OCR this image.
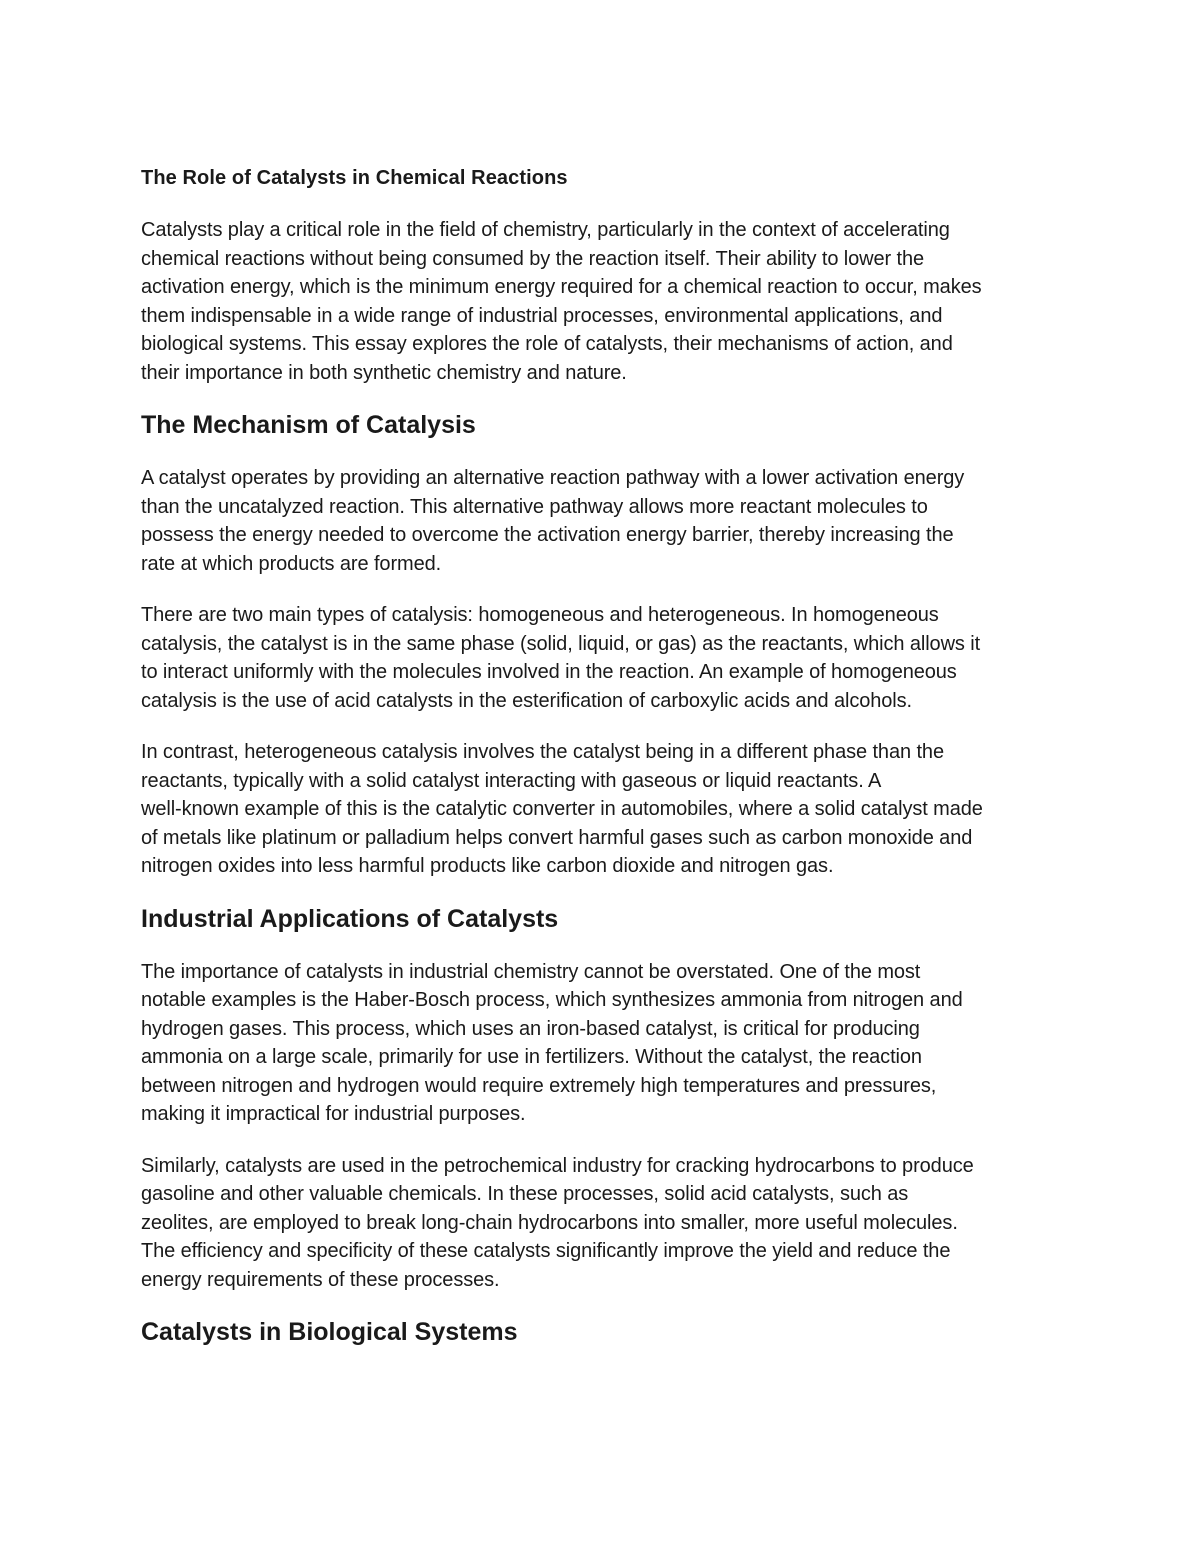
The Role of Catalysts in Chemical Reactions

Catalysts play a critical role in the field of chemistry, particularly in the context of accelerating
chemical reactions without being consumed by the reaction itself. Their ability to lower the
activation energy, which is the minimum energy required for a chemical reaction to occur, makes
them indispensable in a wide range of industrial processes, environmental applications, and
biological systems. This essay explores the role of catalysts, their mechanisms of action, and
their importance in both synthetic chemistry and nature.

The Mechanism of Catalysis

A catalyst operates by providing an alternative reaction pathway with a lower activation energy
than the uncatalyzed reaction. This alternative pathway allows more reactant molecules to
possess the energy needed to overcome the activation energy barrier, thereby increasing the
rate at which products are formed.

There are two main types of catalysis: homogeneous and heterogeneous. In homogeneous
catalysis, the catalyst is in the same phase (solid, liquid, or gas) as the reactants, which allows it
to interact uniformly with the molecules involved in the reaction. An example of homogeneous
catalysis is the use of acid catalysts in the esterification of carboxylic acids and alcohols.

In contrast, heterogeneous catalysis involves the catalyst being in a different phase than the
reactants, typically with a solid catalyst interacting with gaseous or liquid reactants. A
well-known example of this is the catalytic converter in automobiles, where a solid catalyst made
of metals like platinum or palladium helps convert harmful gases such as carbon monoxide and
nitrogen oxides into less harmful products like carbon dioxide and nitrogen gas.

Industrial Applications of Catalysts

The importance of catalysts in industrial chemistry cannot be overstated. One of the most
notable examples is the Haber-Bosch process, which synthesizes ammonia from nitrogen and
hydrogen gases. This process, which uses an iron-based catalyst, is critical for producing
ammonia on a large scale, primarily for use in fertilizers. Without the catalyst, the reaction
between nitrogen and hydrogen would require extremely high temperatures and pressures,
making it impractical for industrial purposes.

Similarly, catalysts are used in the petrochemical industry for cracking hydrocarbons to produce
gasoline and other valuable chemicals. In these processes, solid acid catalysts, such as
zeolites, are employed to break long-chain hydrocarbons into smaller, more useful molecules.
The efficiency and specificity of these catalysts significantly improve the yield and reduce the
energy requirements of these processes.

Catalysts in Biological Systems
